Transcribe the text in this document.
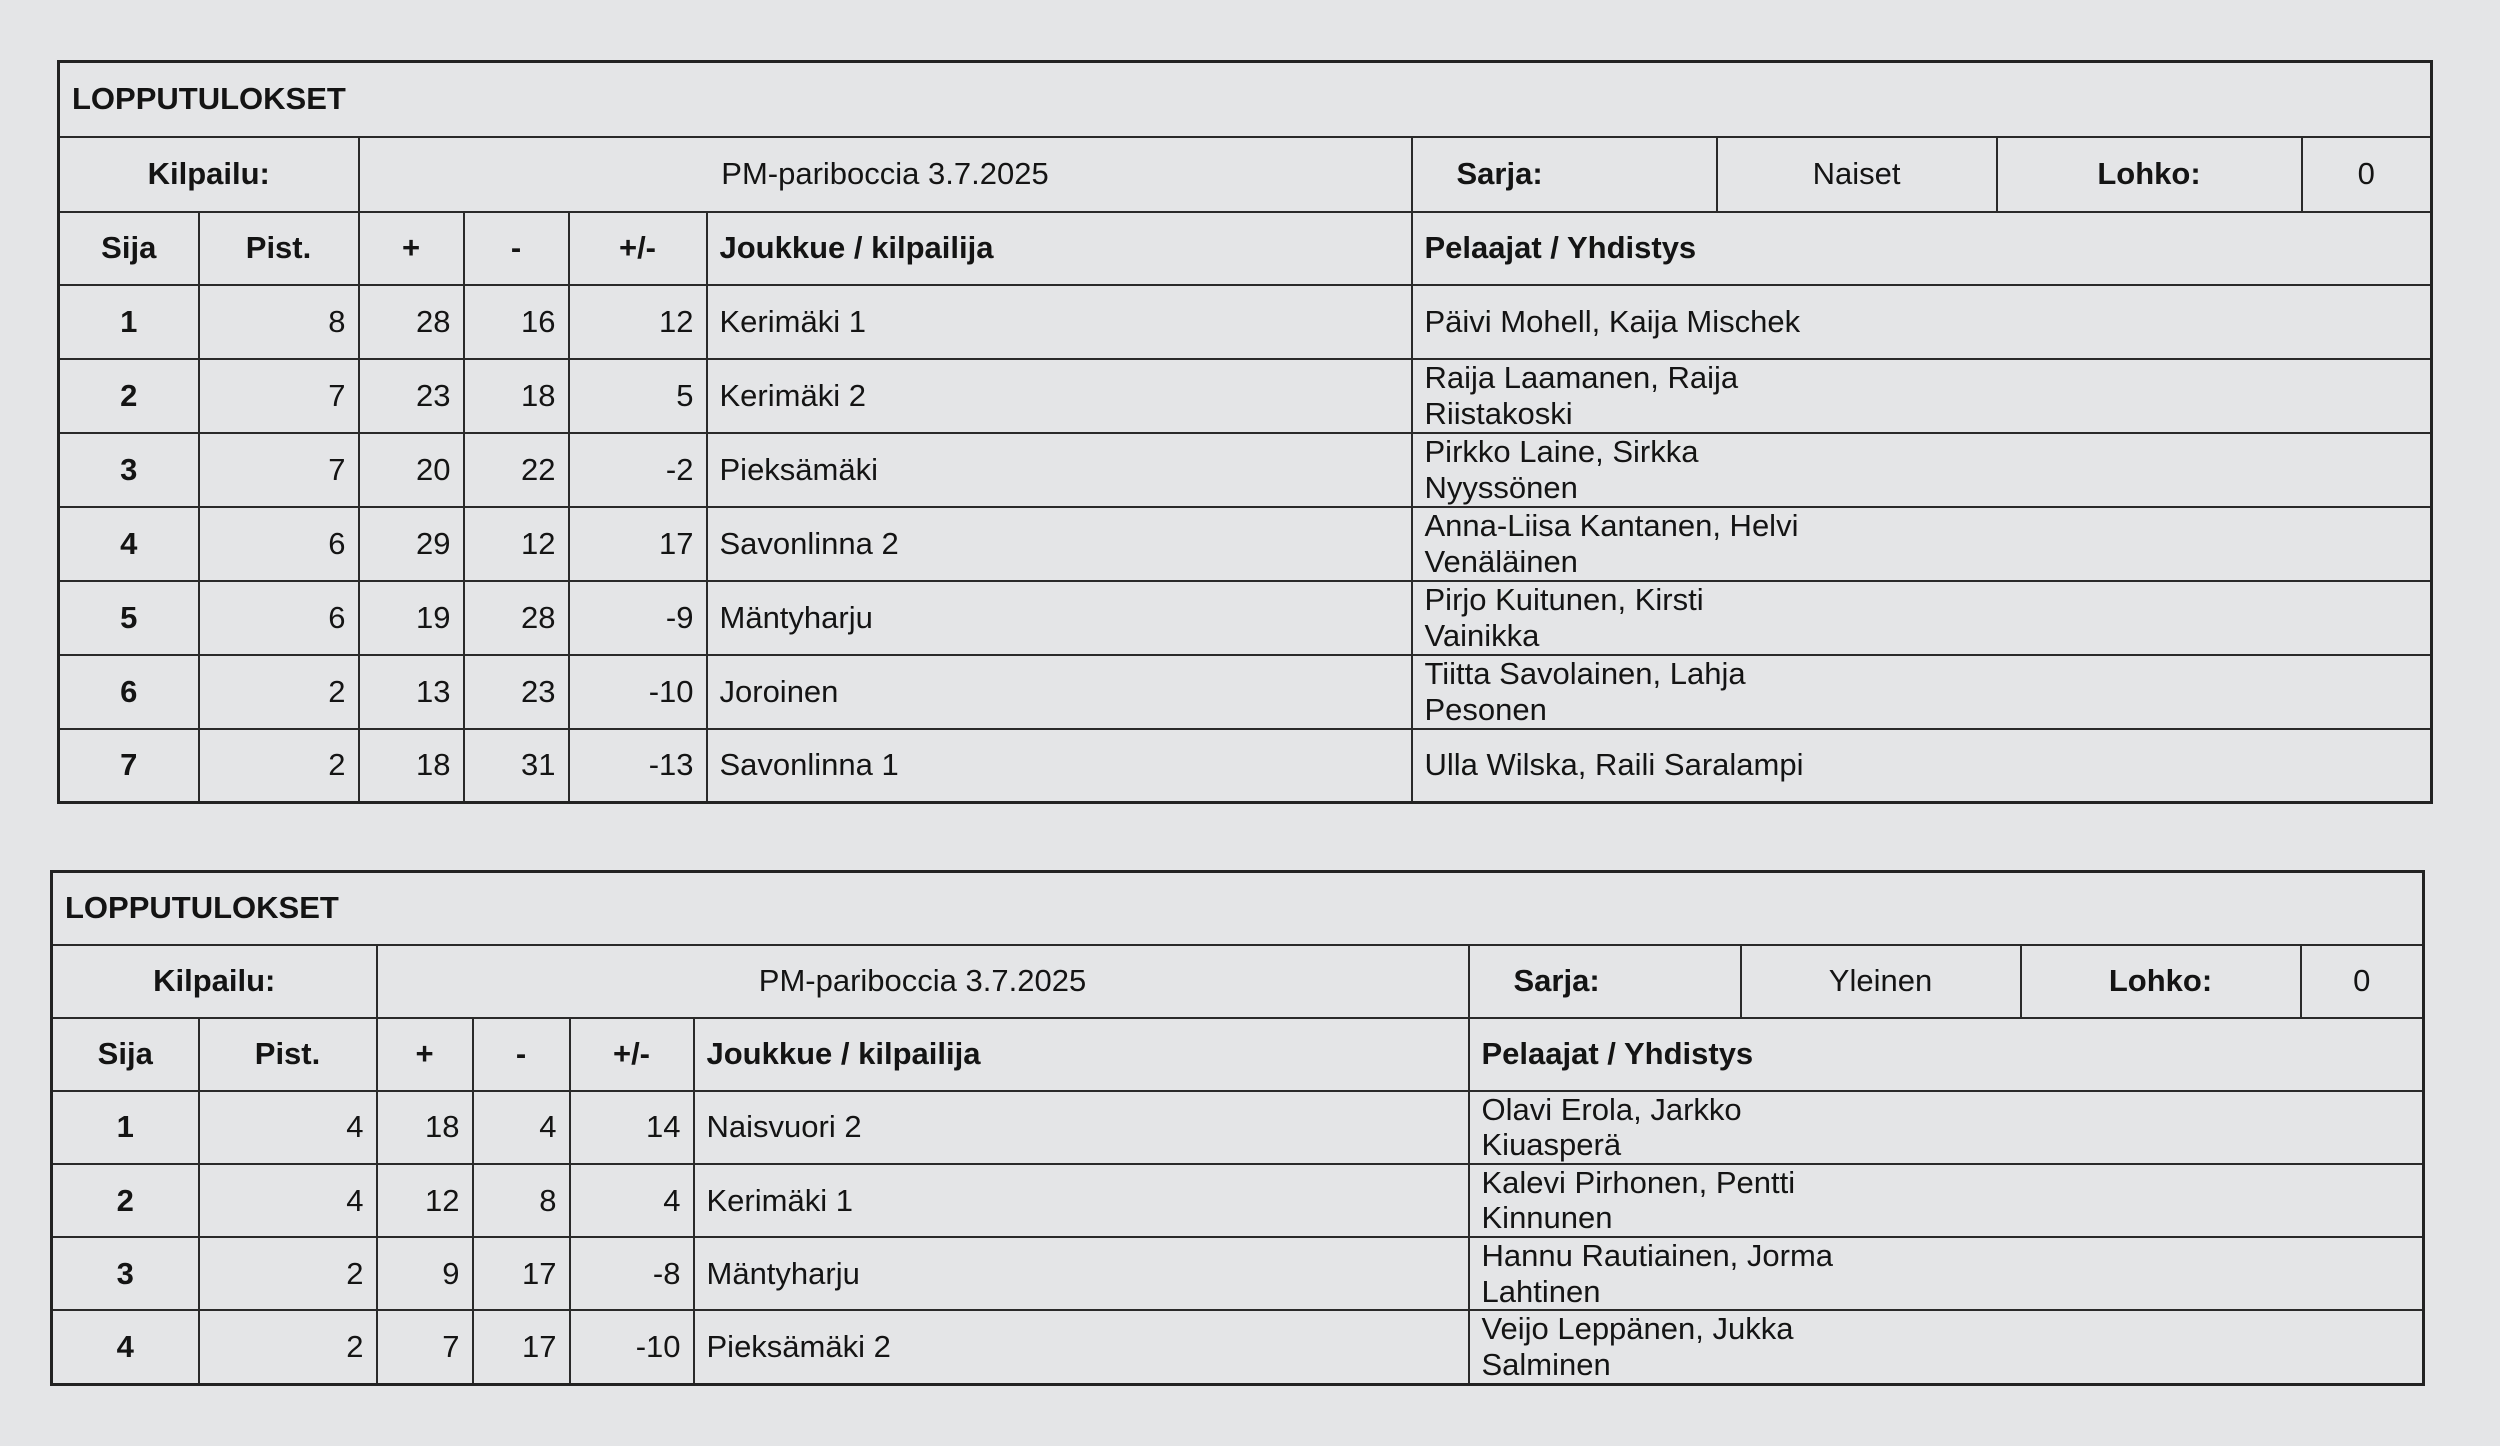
LOPPUTULOKSET									
Kilpailu:		PM-pariboccia 3.7.2025				Sarja:	Naiset	Lohko:	0
Sija	Pist.	+	-	+/-	Joukkue / kilpailija	Pelaajat / Yhdistys			
1	8	28	16	12	Kerimäki 1	Päivi Mohell, Kaija Mischek			

2	7	23	18	5	Kerimäki 2	Raija Laamanen, Raija Riistakoski			

3	7	20	22	-2	Pieksämäki	Pirkko Laine, Sirkka Nyyssönen			

4	6	29	12	17	Savonlinna 2	Anna-Liisa Kantanen, Helvi Venäläinen			

5	6	19	28	-9	Mäntyharju	Pirjo Kuitunen, Kirsti Vainikka			

6	2	13	23	-10	Joroinen	Tiitta Savolainen, Lahja Pesonen			

7	2	18	31	-13	Savonlinna 1	Ulla Wilska, Raili Saralampi			
LOPPUTULOKSET									
Kilpailu:		PM-pariboccia 3.7.2025				Sarja:	Yleinen	Lohko:	0
Sija	Pist.	+	-	+/-	Joukkue / kilpailija	Pelaajat / Yhdistys			
1	4	18	4	14	Naisvuori 2	Olavi Erola, Jarkko Kiuasperä			

2	4	12	8	4	Kerimäki 1	Kalevi Pirhonen, Pentti Kinnunen			

3	2	9	17	-8	Mäntyharju	Hannu Rautiainen, Jorma Lahtinen			

4	2	7	17	-10	Pieksämäki 2	Veijo Leppänen, Jukka Salminen			
